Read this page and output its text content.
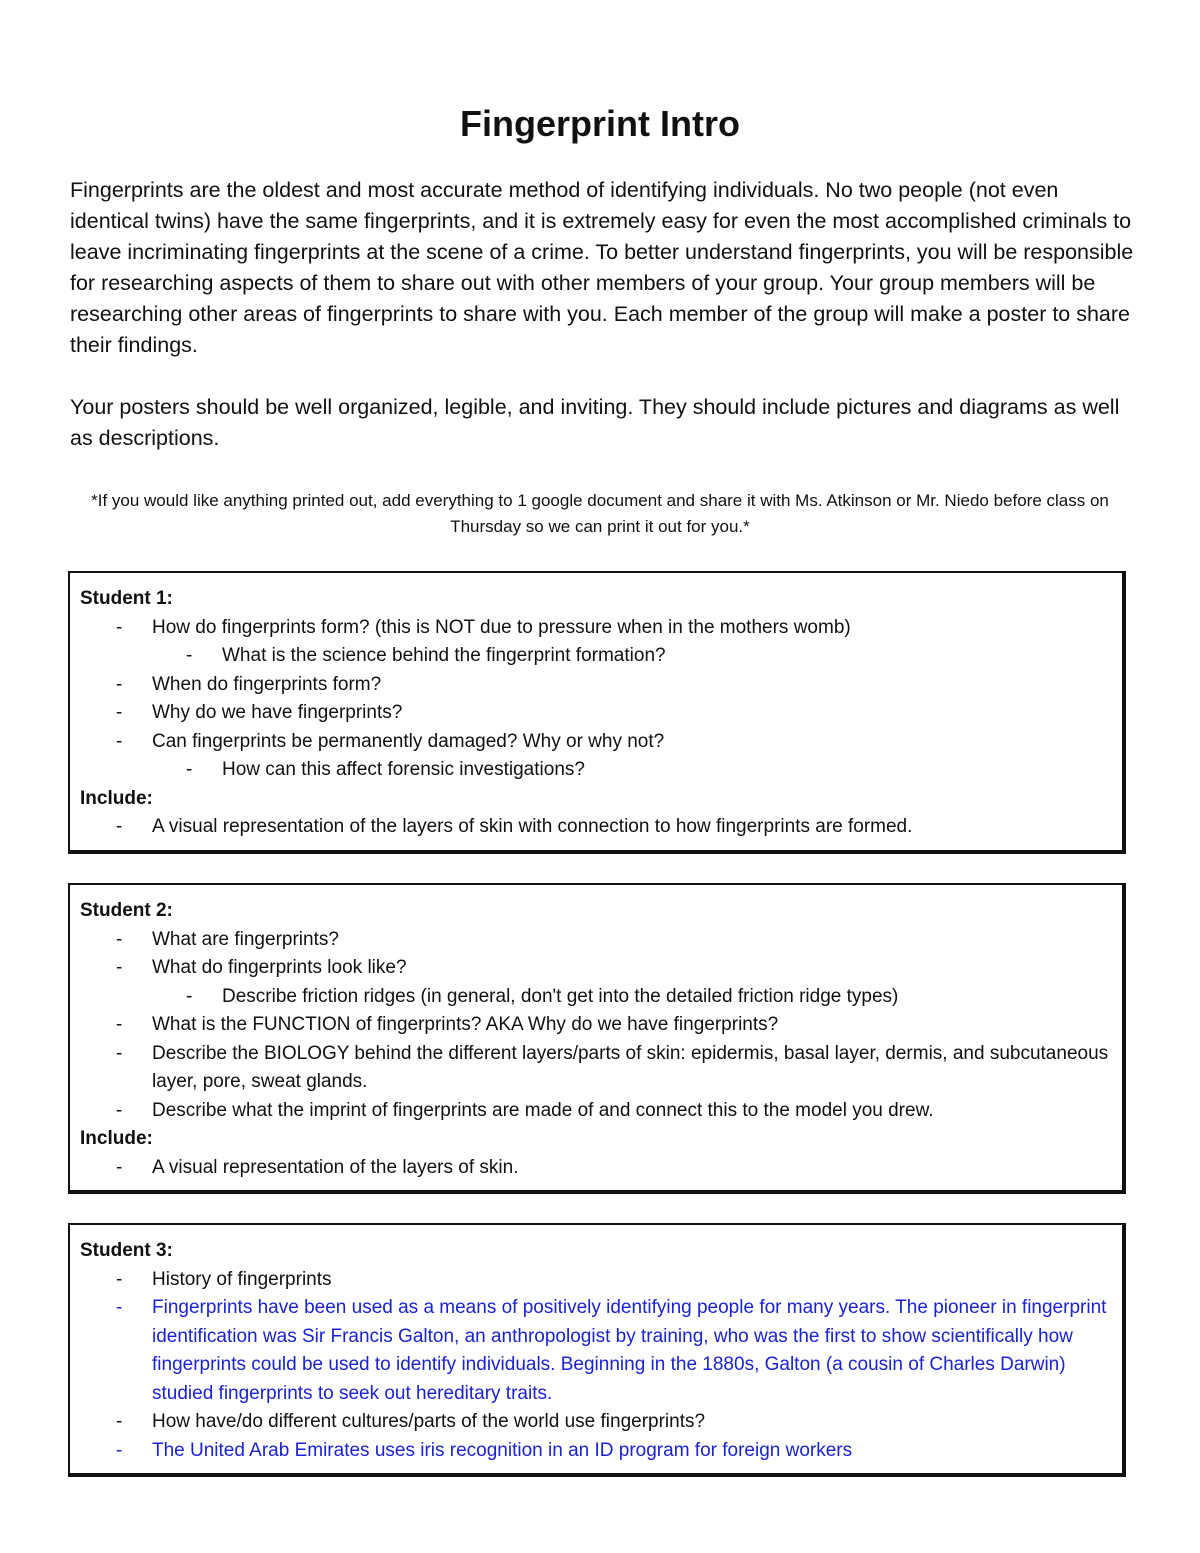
Fingerprint Intro

Fingerprints are the oldest and most accurate method of identifying individuals. No two people (not even identical twins) have the same fingerprints, and it is extremely easy for even the most accomplished criminals to leave incriminating fingerprints at the scene of a crime. To better understand fingerprints, you will be responsible for researching aspects of them to share out with other members of your group. Your group members will be researching other areas of fingerprints to share with you. Each member of the group will make a poster to share their findings.

Your posters should be well organized, legible, and inviting. They should include pictures and diagrams as well as descriptions.

*If you would like anything printed out, add everything to 1 google document and share it with Ms. Atkinson or Mr. Niedo before class on Thursday so we can print it out for you.*

Student 1:

- How do fingerprints form? (this is NOT due to pressure when in the mothers womb)
- What is the science behind the fingerprint formation?
- When do fingerprints form?
- Why do we have fingerprints?
- Can fingerprints be permanently damaged? Why or why not?
- How can this affect forensic investigations?

Include:

- A visual representation of the layers of skin with connection to how fingerprints are formed.

Student 2:

- What are fingerprints?
- What do fingerprints look like?
- Describe friction ridges (in general, don't get into the detailed friction ridge types)
- What is the FUNCTION of fingerprints? AKA Why do we have fingerprints?
- Describe the BIOLOGY behind the different layers/parts of skin: epidermis, basal layer, dermis, and subcutaneous layer, pore, sweat glands.
- Describe what the imprint of fingerprints are made of and connect this to the model you drew.

Include:

- A visual representation of the layers of skin.

Student 3:

- History of fingerprints
- Fingerprints have been used as a means of positively identifying people for many years. The pioneer in fingerprint identification was Sir Francis Galton, an anthropologist by training, who was the first to show scientifically how fingerprints could be used to identify individuals. Beginning in the 1880s, Galton (a cousin of Charles Darwin) studied fingerprints to seek out hereditary traits.
- How have/do different cultures/parts of the world use fingerprints?
- The United Arab Emirates uses iris recognition in an ID program for foreign workers
